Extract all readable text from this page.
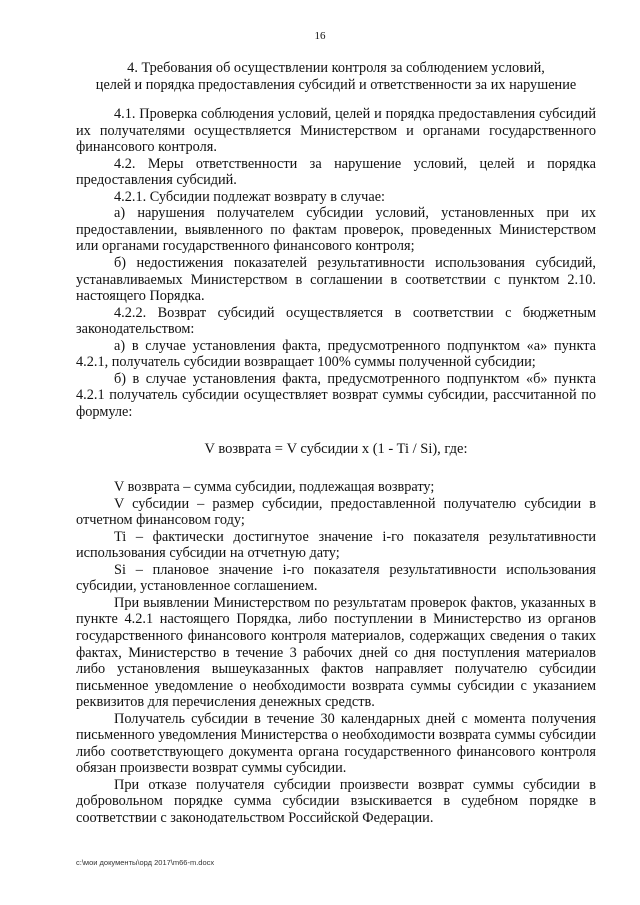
16
4. Требования об осуществлении контроля за соблюдением условий,
целей и порядка предоставления субсидий и ответственности за их нарушение

4.1. Проверка соблюдения условий, целей и порядка предоставления субсидий их получателями осуществляется Министерством и органами государственного финансового контроля.

4.2. Меры ответственности за нарушение условий, целей и порядка предоставления субсидий.

4.2.1. Субсидии подлежат возврату в случае:

а) нарушения получателем субсидии условий, установленных при их предоставлении, выявленного по фактам проверок, проведенных Министерством или органами государственного финансового контроля;

б) недостижения показателей результативности использования субсидий, устанавливаемых Министерством в соглашении в соответствии с пунктом 2.10. настоящего Порядка.

4.2.2. Возврат субсидий осуществляется в соответствии с бюджетным законодательством:

а) в случае установления факта, предусмотренного подпунктом «а» пункта 4.2.1, получатель субсидии возвращает 100% суммы полученной субсидии;

б) в случае установления факта, предусмотренного подпунктом «б» пункта 4.2.1 получатель субсидии осуществляет возврат суммы субсидии, рассчитанной по формуле:

V возврата = V субсидии x (1 - Ti / Si), где:

V возврата – сумма субсидии, подлежащая возврату;

V субсидии – размер субсидии, предоставленной получателю субсидии в отчетном финансовом году;

Ti – фактически достигнутое значение i-го показателя результативности использования субсидии на отчетную дату;

Si – плановое значение i-го показателя результативности использования субсидии, установленное соглашением.

При выявлении Министерством по результатам проверок фактов, указанных в пункте 4.2.1 настоящего Порядка, либо поступлении в Министерство из органов государственного финансового контроля материалов, содержащих сведения о таких фактах, Министерство в течение 3 рабочих дней со дня поступления материалов либо установления вышеуказанных фактов направляет получателю субсидии письменное уведомление о необходимости возврата суммы субсидии с указанием реквизитов для перечисления денежных средств.

Получатель субсидии в течение 30 календарных дней с момента получения письменного уведомления Министерства о необходимости возврата суммы субсидии либо соответствующего документа органа государственного финансового контроля обязан произвести возврат суммы субсидии.

При отказе получателя субсидии произвести возврат суммы субсидии в добровольном порядке сумма субсидии взыскивается в судебном порядке в соответствии с законодательством Российской Федерации.

c:\мои документы\орд 2017\m66-m.docx
